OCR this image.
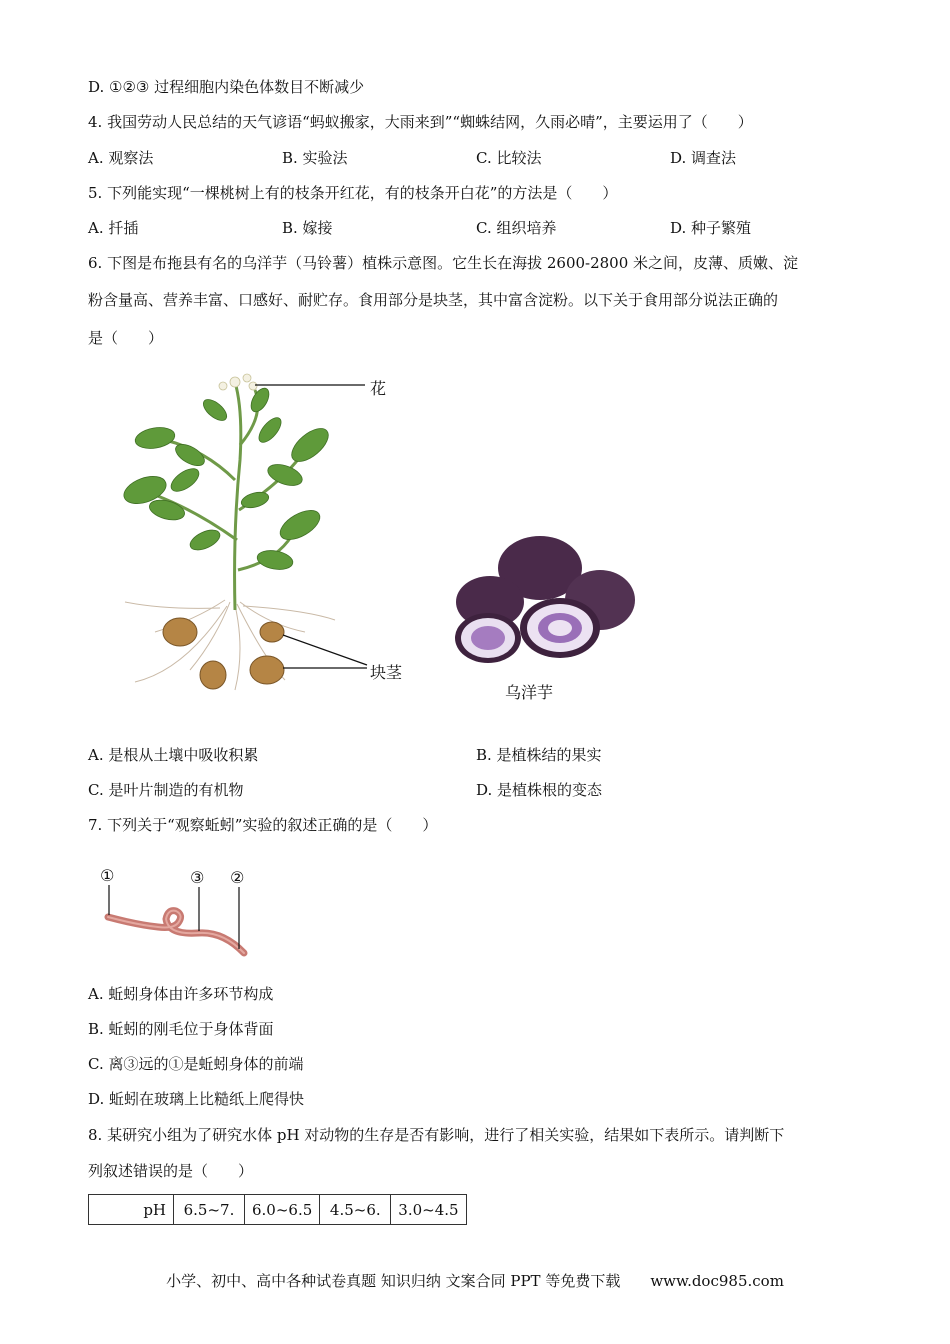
D. ①②③ 过程细胞内染色体数目不断减少
4. 我国劳动人民总结的天气谚语“蚂蚁搬家，大雨来到”“蜘蛛结网，久雨必晴”，主要运用了（　　）
A. 观察法	B. 实验法	C. 比较法	D. 调查法
5. 下列能实现“一棵桃树上有的枝条开红花，有的枝条开白花”的方法是（　　）
A. 扦插	B. 嫁接	C. 组织培养	D. 种子繁殖
6. 下图是布拖县有名的乌洋芋（马铃薯）植株示意图。它生长在海拔 2600-2800 米之间，皮薄、质嫩、淀
粉含量高、营养丰富、口感好、耐贮存。食用部分是块茎，其中富含淀粉。以下关于食用部分说法正确的
是（　　）
花
块茎
乌洋芋
A. 是根从土壤中吸收积累	B. 是植株结的果实
C. 是叶片制造的有机物	D. 是植株根的变态
7. 下列关于“观察蚯蚓”实验的叙述正确的是（　　）
①	③ ②
A. 蚯蚓身体由许多环节构成
B. 蚯蚓的刚毛位于身体背面
C. 离③远的①是蚯蚓身体的前端
D. 蚯蚓在玻璃上比糙纸上爬得快
8. 某研究小组为了研究水体 pH 对动物的生存是否有影响，进行了相关实验，结果如下表所示。请判断下
列叙述错误的是（　　）
pH	6.5~7.	6.0~6.5	4.5~6.	3.0~4.5
小学、初中、高中各种试卷真题 知识归纳 文案合同 PPT 等免费下载　　www.doc985.com
